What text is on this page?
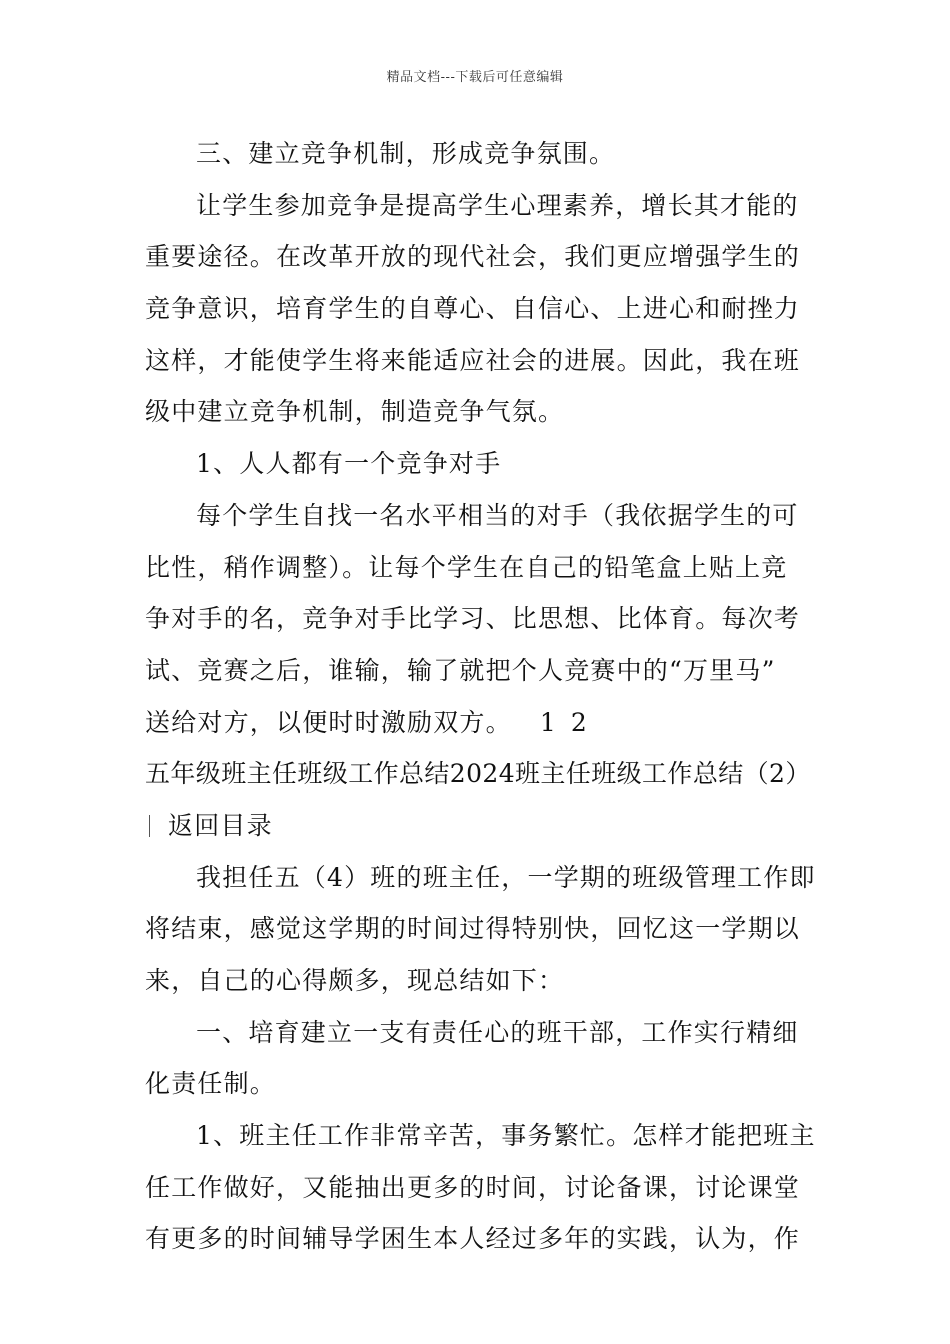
精品文档---下载后可任意编辑
三、建立竞争机制，形成竞争氛围。
让学生参加竞争是提高学生心理素养，增长其才能的
重要途径。在改革开放的现代社会，我们更应增强学生的
竞争意识，培育学生的自尊心、自信心、上进心和耐挫力
这样，才能使学生将来能适应社会的进展。因此，我在班
级中建立竞争机制，制造竞争气氛。
1、人人都有一个竞争对手
每个学生自找一名水平相当的对手（我依据学生的可
比性，稍作调整）。让每个学生在自己的铅笔盒上贴上竞
争对手的名，竞争对手比学习、比思想、比体育。每次考
试、竞赛之后，谁输，输了就把个人竞赛中的“万里马”
送给对方，以便时时激励双方。 1 2
五年级班主任班级工作总结2024班主任班级工作总结（2）
返回目录
我担任五（4）班的班主任，一学期的班级管理工作即
将结束，感觉这学期的时间过得特别快，回忆这一学期以
来，自己的心得颇多，现总结如下：
一、培育建立一支有责任心的班干部，工作实行精细
化责任制。
1、班主任工作非常辛苦，事务繁忙。怎样才能把班主
任工作做好，又能抽出更多的时间，讨论备课，讨论课堂
有更多的时间辅导学困生本人经过多年的实践，认为，作
